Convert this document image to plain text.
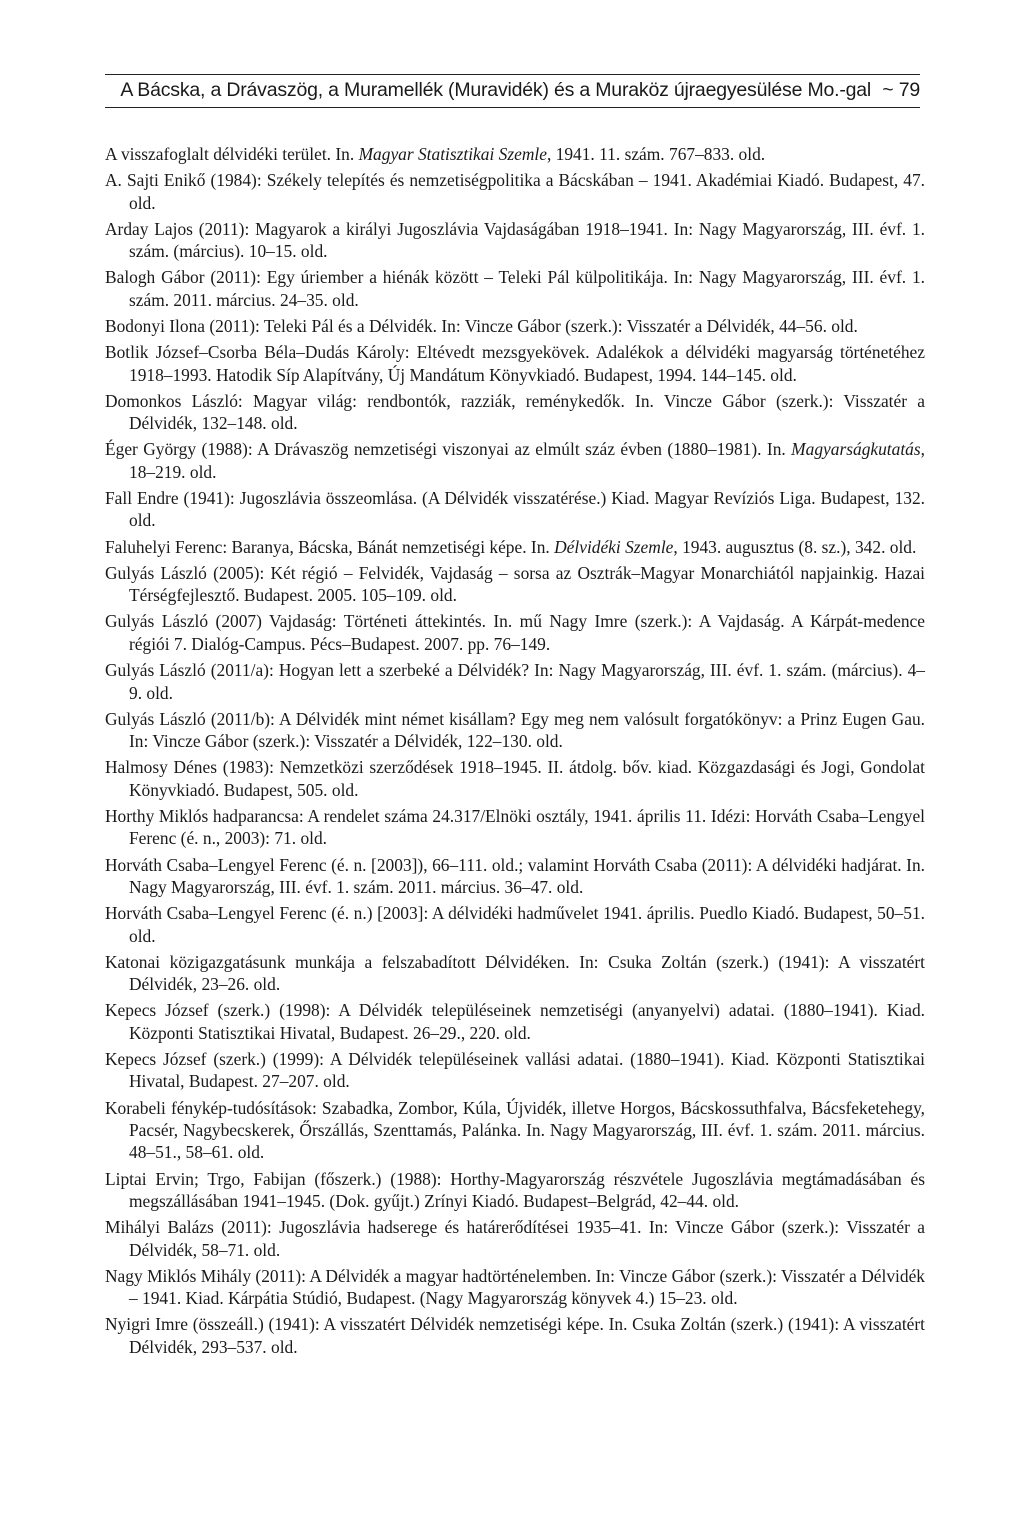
A Bácska, a Drávaszög, a Muramellék (Muravidék) és a Muraköz újraegyesülése Mo.-gal ~ 79
A visszafoglalt délvidéki terület. In. Magyar Statisztikai Szemle, 1941. 11. szám. 767–833. old.
A. Sajti Enikő (1984): Székely telepítés és nemzetiségpolitika a Bácskában – 1941. Akadémiai Kiadó. Budapest, 47. old.
Arday Lajos (2011): Magyarok a királyi Jugoszlávia Vajdaságában 1918–1941. In: Nagy Magyarország, III. évf. 1. szám. (március). 10–15. old.
Balogh Gábor (2011): Egy úriember a hiénák között – Teleki Pál külpolitikája. In: Nagy Magyarország, III. évf. 1. szám. 2011. március. 24–35. old.
Bodonyi Ilona (2011): Teleki Pál és a Délvidék. In: Vincze Gábor (szerk.): Visszatér a Délvidék, 44–56. old.
Botlik József–Csorba Béla–Dudás Károly: Eltévedt mezsgyekövek. Adalékok a délvidéki magyarság történetéhez 1918–1993. Hatodik Síp Alapítvány, Új Mandátum Könyvkiadó. Budapest, 1994. 144–145. old.
Domonkos László: Magyar világ: rendbontók, razziák, reménykedők. In. Vincze Gábor (szerk.): Visszatér a Délvidék, 132–148. old.
Éger György (1988): A Drávaszög nemzetiségi viszonyai az elmúlt száz évben (1880–1981). In. Magyarságkutatás, 18–219. old.
Fall Endre (1941): Jugoszlávia összeomlása. (A Délvidék visszatérése.) Kiad. Magyar Revíziós Liga. Budapest, 132. old.
Faluhelyi Ferenc: Baranya, Bácska, Bánát nemzetiségi képe. In. Délvidéki Szemle, 1943. augusztus (8. sz.), 342. old.
Gulyás László (2005): Két régió – Felvidék, Vajdaság – sorsa az Osztrák–Magyar Monarchiától napjainkig. Hazai Térségfejlesztő. Budapest. 2005. 105–109. old.
Gulyás László (2007) Vajdaság: Történeti áttekintés. In. mű Nagy Imre (szerk.): A Vajdaság. A Kárpát-medence régiói 7. Dialóg-Campus. Pécs–Budapest. 2007. pp. 76–149.
Gulyás László (2011/a): Hogyan lett a szerbeké a Délvidék? In: Nagy Magyarország, III. évf. 1. szám. (március). 4–9. old.
Gulyás László (2011/b): A Délvidék mint német kisállam? Egy meg nem valósult forgatókönyv: a Prinz Eugen Gau. In: Vincze Gábor (szerk.): Visszatér a Délvidék, 122–130. old.
Halmosy Dénes (1983): Nemzetközi szerződések 1918–1945. II. átdolg. bőv. kiad. Közgazdasági és Jogi, Gondolat Könyvkiadó. Budapest, 505. old.
Horthy Miklós hadparancsa: A rendelet száma 24.317/Elnöki osztály, 1941. április 11. Idézi: Horváth Csaba–Lengyel Ferenc (é. n., 2003): 71. old.
Horváth Csaba–Lengyel Ferenc (é. n. [2003]), 66–111. old.; valamint Horváth Csaba (2011): A délvidéki hadjárat. In. Nagy Magyarország, III. évf. 1. szám. 2011. március. 36–47. old.
Horváth Csaba–Lengyel Ferenc (é. n.) [2003]: A délvidéki hadművelet 1941. április. Puedlo Kiadó. Budapest, 50–51. old.
Katonai közigazgatásunk munkája a felszabadított Délvidéken. In: Csuka Zoltán (szerk.) (1941): A visszatért Délvidék, 23–26. old.
Kepecs József (szerk.) (1998): A Délvidék településeinek nemzetiségi (anyanyelvi) adatai. (1880–1941). Kiad. Központi Statisztikai Hivatal, Budapest. 26–29., 220. old.
Kepecs József (szerk.) (1999): A Délvidék településeinek vallási adatai. (1880–1941). Kiad. Központi Statisztikai Hivatal, Budapest. 27–207. old.
Korabeli fénykép-tudósítások: Szabadka, Zombor, Kúla, Újvidék, illetve Horgos, Bácskossuthfalva, Bácsfeketehegy, Pacsér, Nagybecskerek, Őrszállás, Szenttamás, Palánka. In. Nagy Magyarország, III. évf. 1. szám. 2011. március. 48–51., 58–61. old.
Liptai Ervin; Trgo, Fabijan (főszerk.) (1988): Horthy-Magyarország részvétele Jugoszlávia megtámadásában és megszállásában 1941–1945. (Dok. gyűjt.) Zrínyi Kiadó. Budapest–Belgrád, 42–44. old.
Mihályi Balázs (2011): Jugoszlávia hadserege és határerődítései 1935–41. In: Vincze Gábor (szerk.): Visszatér a Délvidék, 58–71. old.
Nagy Miklós Mihály (2011): A Délvidék a magyar hadtörténelemben. In: Vincze Gábor (szerk.): Visszatér a Délvidék – 1941. Kiad. Kárpátia Stúdió, Budapest. (Nagy Magyarország könyvek 4.) 15–23. old.
Nyigri Imre (összeáll.) (1941): A visszatért Délvidék nemzetiségi képe. In. Csuka Zoltán (szerk.) (1941): A visszatért Délvidék, 293–537. old.
